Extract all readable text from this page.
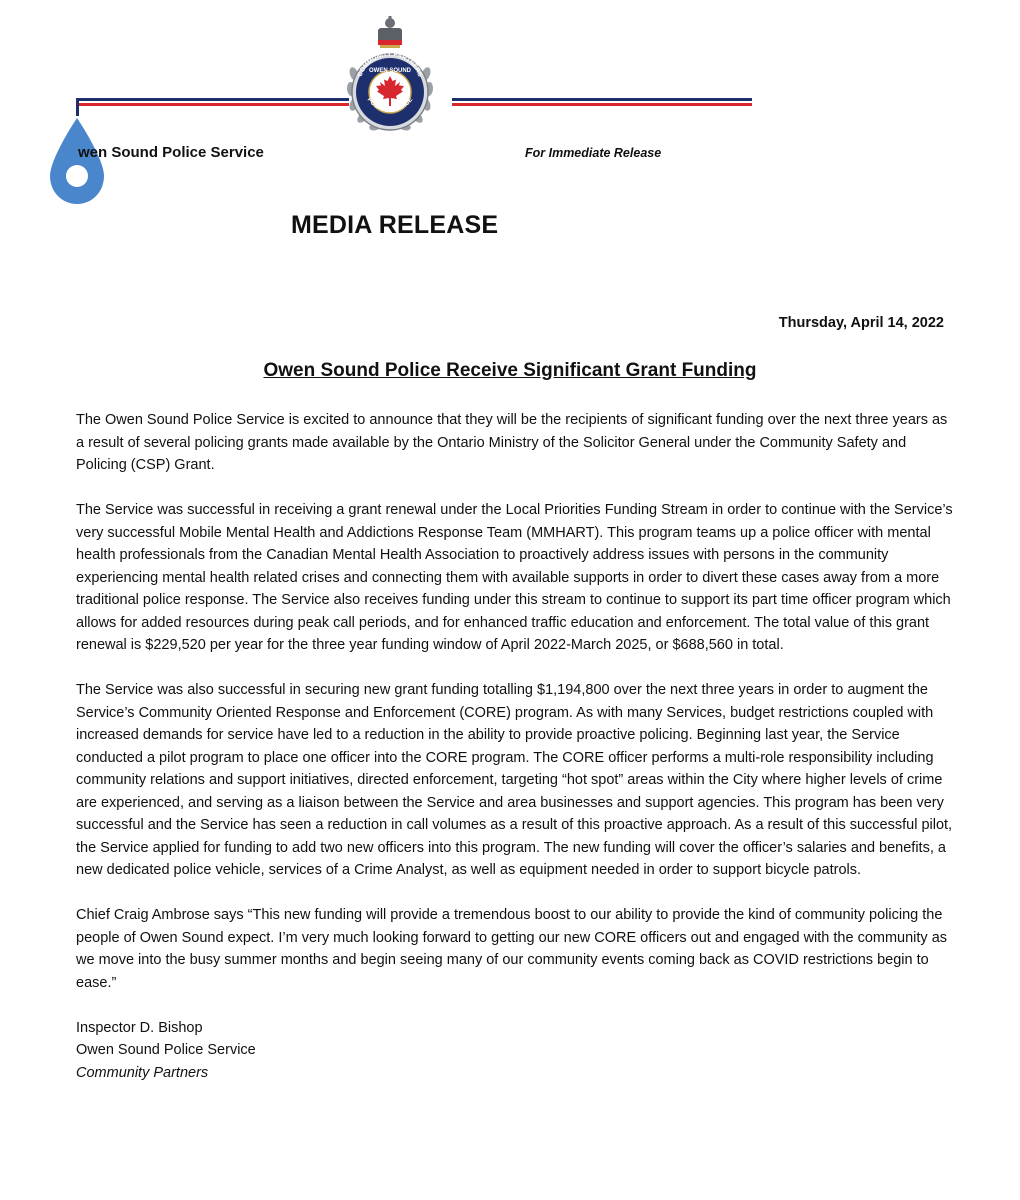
COMMUNITY PARTNERS
POLICE SERVICE
OWEN SOUND
wen Sound Police Service	For Immediate Release
MEDIA RELEASE
Thursday, April 14, 2022
Owen Sound Police Receive Significant Grant Funding

The Owen Sound Police Service is excited to announce that they will be the recipients of significant funding over the next three years as a result of several policing grants made available by the Ontario Ministry of the Solicitor General under the Community Safety and Policing (CSP) Grant.

The Service was successful in receiving a grant renewal under the Local Priorities Funding Stream in order to continue with the Service’s very successful Mobile Mental Health and Addictions Response Team (MMHART). This program teams up a police officer with mental health professionals from the Canadian Mental Health Association to proactively address issues with persons in the community experiencing mental health related crises and connecting them with available supports in order to divert these cases away from a more traditional police response. The Service also receives funding under this stream to continue to support its part time officer program which allows for added resources during peak call periods, and for enhanced traffic education and enforcement. The total value of this grant renewal is $229,520 per year for the three year funding window of April 2022-March 2025, or $688,560 in total.

The Service was also successful in securing new grant funding totalling $1,194,800 over the next three years in order to augment the Service’s Community Oriented Response and Enforcement (CORE) program. As with many Services, budget restrictions coupled with increased demands for service have led to a reduction in the ability to provide proactive policing. Beginning last year, the Service conducted a pilot program to place one officer into the CORE program. The CORE officer performs a multi-role responsibility including community relations and support initiatives, directed enforcement, targeting “hot spot” areas within the City where higher levels of crime are experienced, and serving as a liaison between the Service and area businesses and support agencies. This program has been very successful and the Service has seen a reduction in call volumes as a result of this proactive approach. As a result of this successful pilot, the Service applied for funding to add two new officers into this program. The new funding will cover the officer’s salaries and benefits, a new dedicated police vehicle, services of a Crime Analyst, as well as equipment needed in order to support bicycle patrols.

Chief Craig Ambrose says “This new funding will provide a tremendous boost to our ability to provide the kind of community policing the people of Owen Sound expect. I’m very much looking forward to getting our new CORE officers out and engaged with the community as we move into the busy summer months and begin seeing many of our community events coming back as COVID restrictions begin to ease.”

Inspector D. Bishop
Owen Sound Police Service
Community Partners
